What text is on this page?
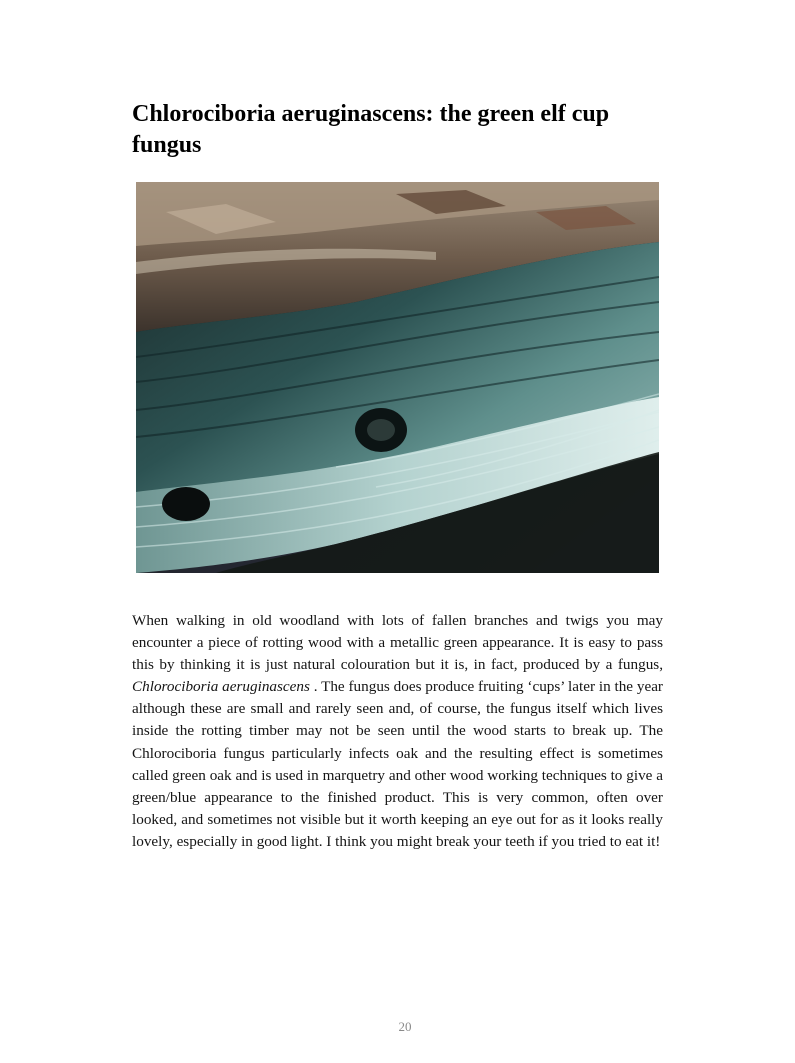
Chlorociboria aeruginascens: the green elf cup fungus

When walking in old woodland with lots of fallen branches and twigs you may encounter a piece of rotting wood with a metallic green appearance. It is easy to pass this by thinking it is just natural colouration but it is, in fact, produced by a fungus, Chlorociboria aeruginascens . The fungus does produce fruiting ‘cups’ later in the year although these are small and rarely seen and, of course, the fungus itself which lives inside the rotting timber may not be seen until the wood starts to break up. The Chlorociboria fungus particularly infects oak and the resulting effect is sometimes called green oak and is used in marquetry and other wood working techniques to give a green/blue appearance to the finished product. This is very common, often over looked, and sometimes not visible but it worth keeping an eye out for as it looks really lovely, especially in good light. I think you might break your teeth if you tried to eat it!

20
